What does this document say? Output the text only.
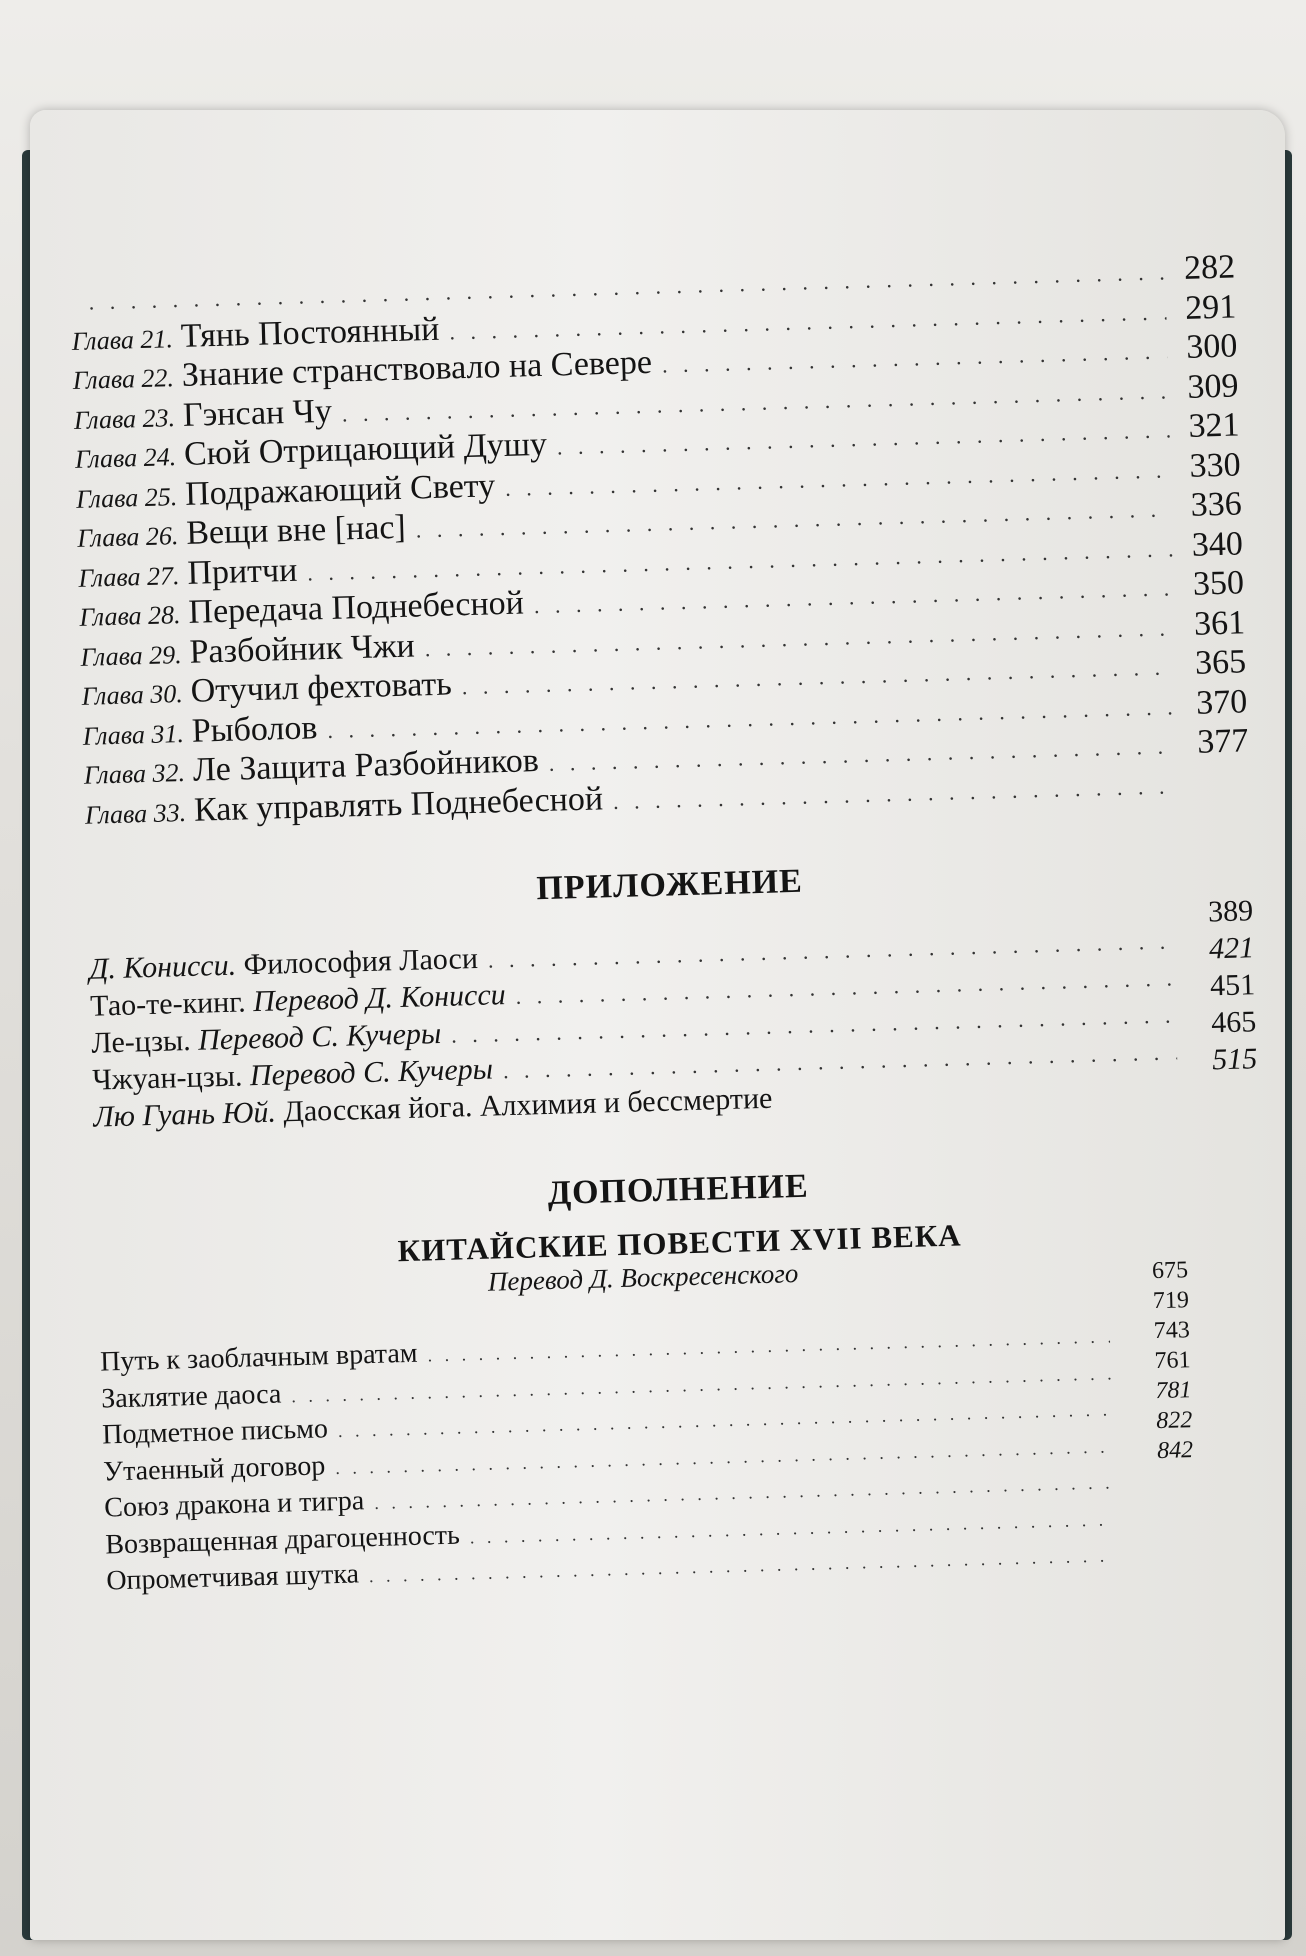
. . .
282
Глава 21. Тянь Постоянный
. . .
291
Глава 22. Знание странствовало на Севере
. . .	300
Глава 23. Гэнсан Чу
. . .
309
Глава 24. Сюй Отрицающий Душу
. . .
321
Глава 25. Подражающий Свету
. . .
330
Глава 26. Вещи вне [нас]
. . .
336
Глава 27. Притчи
. . .
340
Глава 28. Передача Поднебесной
. . .
350
Глава 29. Разбойник Чжи
. . .
361
Глава 30. Отучил фехтовать
. . .
365
Глава 31. Рыболов
. . .
370
Глава 32. Ле Защита Разбойников
. . .
377
Глава 33. Как управлять Поднебесной
. . .
ПРИЛОЖЕНИЕ
Д. Конисси.
Философия Лаоси
. . .
Тао-те-кинг.
Перевод Д. Конисси
. . .
Ле-цзы.
Перевод С. Кучеры
. . .
Чжуан-цзы.
Перевод С. Кучеры
. . .
Лю Гуань Юй.
Даосская йога. Алхимия и бессмертие
389
421
451
465
515
ДОПОЛНЕНИЕ
КИТАЙСКИЕ ПОВЕСТИ XVII ВЕКА
Перевод Д. Воскресенского
Путь к заоблачным вратам
. . .
Заклятие даоса
. . .
Подметное письмо
. . .
Утаенный договор
. . .
Союз дракона и тигра
. . .
Возвращенная драгоценность
. . .
Опрометчивая шутка
. . .
675
719
743
761
781
822
842
